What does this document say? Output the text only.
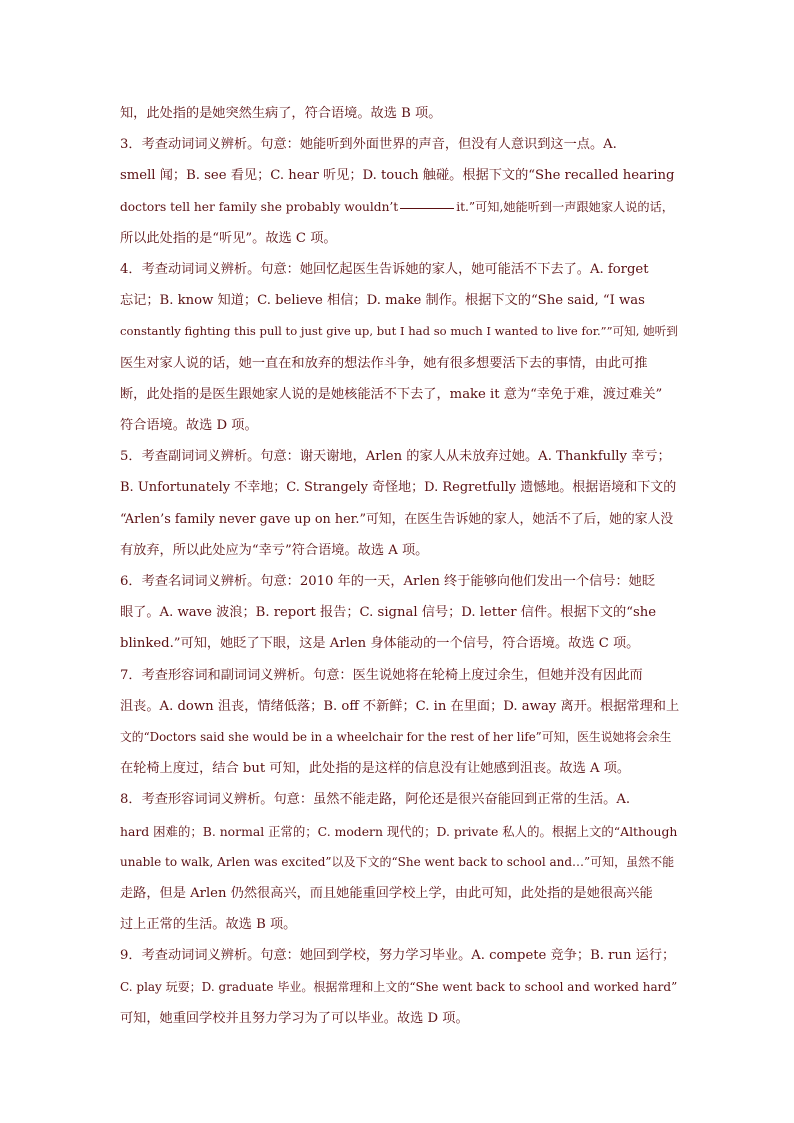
知，此处指的是她突然生病了，符合语境。故选 B 项。
3．考查动词词义辨析。句意：她能听到外面世界的声音，但没有人意识到这一点。A.
smell 闻；B. see 看见；C. hear 听见；D. touch 触碰。根据下文的“She recalled hearing
doctors tell her family she probably wouldn’t	it.”可知,她能听到一声跟她家人说的话，
所以此处指的是“听见”。故选 C 项。
4．考查动词词义辨析。句意：她回忆起医生告诉她的家人，她可能活不下去了。A. forget
忘记；B. know 知道；C. believe 相信；D. make 制作。根据下文的“She said, “I was
constantly fighting this pull to just give up, but I had so much I wanted to live for.””可知, 她听到
医生对家人说的话，她一直在和放弃的想法作斗争，她有很多想要活下去的事情，由此可推
断，此处指的是医生跟她家人说的是她核能活不下去了，make it 意为“幸免于难，渡过难关”
符合语境。故选 D 项。
5．考查副词词义辨析。句意：谢天谢地，Arlen 的家人从未放弃过她。A. Thankfully 幸亏；
B. Unfortunately 不幸地；C. Strangely 奇怪地；D. Regretfully 遗憾地。根据语境和下文的
“Arlen’s family never gave up on her.”可知，在医生告诉她的家人，她活不了后，她的家人没
有放弃，所以此处应为“幸亏”符合语境。故选 A 项。
6．考查名词词义辨析。句意：2010 年的一天，Arlen 终于能够向他们发出一个信号：她眨
眼了。A. wave 波浪；B. report 报告；C. signal 信号；D. letter 信件。根据下文的“she
blinked.”可知，她眨了下眼，这是 Arlen 身体能动的一个信号，符合语境。故选 C 项。
7．考查形容词和副词词义辨析。句意：医生说她将在轮椅上度过余生，但她并没有因此而
沮丧。A. down 沮丧，情绪低落；B. off 不新鲜；C. in 在里面；D. away 离开。根据常理和上
文的“Doctors said she would be in a wheelchair for the rest of her life”可知，医生说她将会余生
在轮椅上度过，结合 but 可知，此处指的是这样的信息没有让她感到沮丧。故选 A 项。
8．考查形容词词义辨析。句意：虽然不能走路，阿伦还是很兴奋能回到正常的生活。A.
hard 困难的；B. normal 正常的；C. modern 现代的；D. private 私人的。根据上文的“Although
unable to walk, Arlen was excited”以及下文的“She went back to school and…”可知，虽然不能
走路，但是 Arlen 仍然很高兴，而且她能重回学校上学，由此可知，此处指的是她很高兴能
过上正常的生活。故选 B 项。
9．考查动词词义辨析。句意：她回到学校，努力学习毕业。A. compete 竞争；B. run 运行；
C. play 玩耍；D. graduate 毕业。根据常理和上文的“She went back to school and worked hard”
可知，她重回学校并且努力学习为了可以毕业。故选 D 项。
